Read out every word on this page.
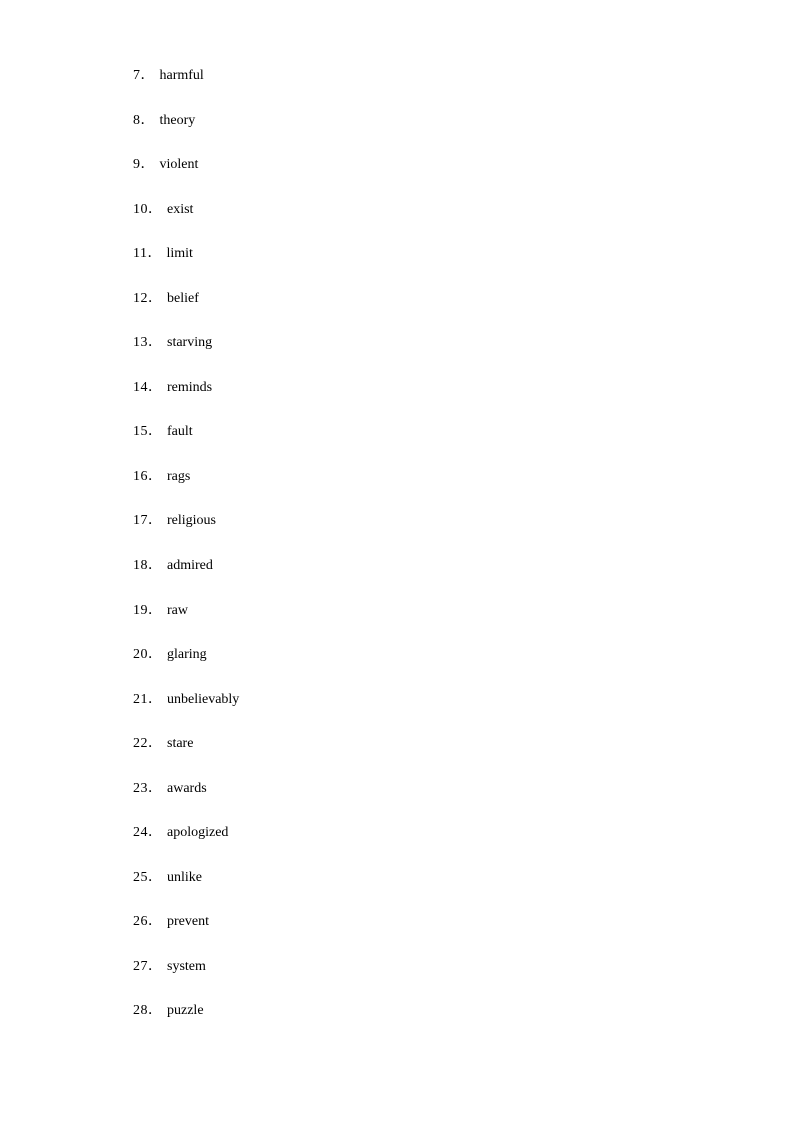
7． harmful
8． theory
9． violent
10． exist
11． limit
12． belief
13． starving
14． reminds
15． fault
16． rags
17． religious
18． admired
19． raw
20． glaring
21． unbelievably
22． stare
23． awards
24． apologized
25． unlike
26． prevent
27． system
28． puzzle
